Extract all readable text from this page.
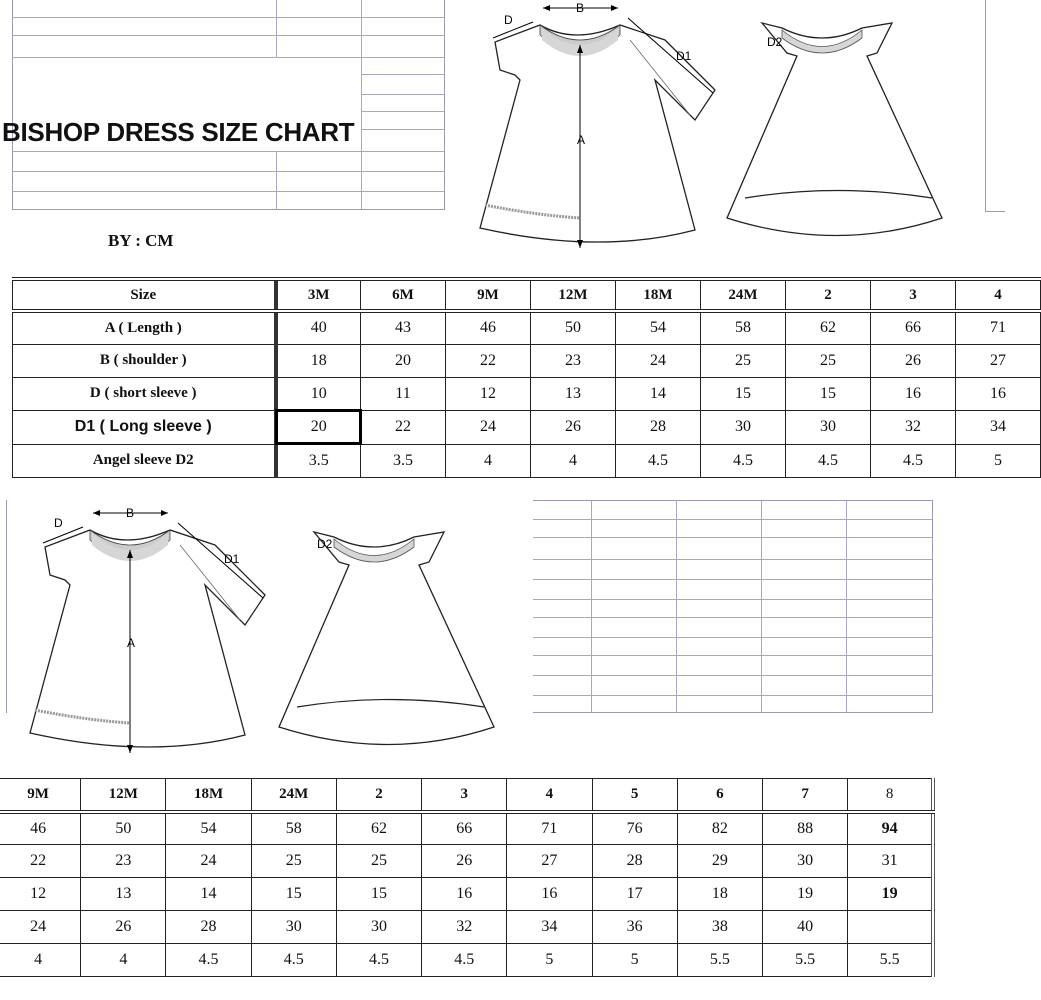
BISHOP DRESS SIZE CHART
BY : CM
A
B
D
D1
D2
Size	3M	6M	9M	12M	18M	24M	2	3	4
A ( Length )	40	43	46	50	54	58	62	66	71
B ( shoulder )	18	20	22	23	24	25	25	26	27
D ( short sleeve )	10	11	12	13	14	15	15	16	16
D1 ( Long sleeve )	20	22	24	26	28	30	30	32	34
Angel sleeve D2	3.5	3.5	4	4	4.5	4.5	4.5	4.5	5
A
B
D
D1
D2
9M	12M	18M	24M	2	3	4	5	6	7	8
46	50	54	58	62	66	71	76	82	88	94
22	23	24	25	25	26	27	28	29	30	31
12	13	14	15	15	16	16	17	18	19	19
24	26	28	30	30	32	34	36	38	40	
4	4	4.5	4.5	4.5	4.5	5	5	5.5	5.5	5.5
